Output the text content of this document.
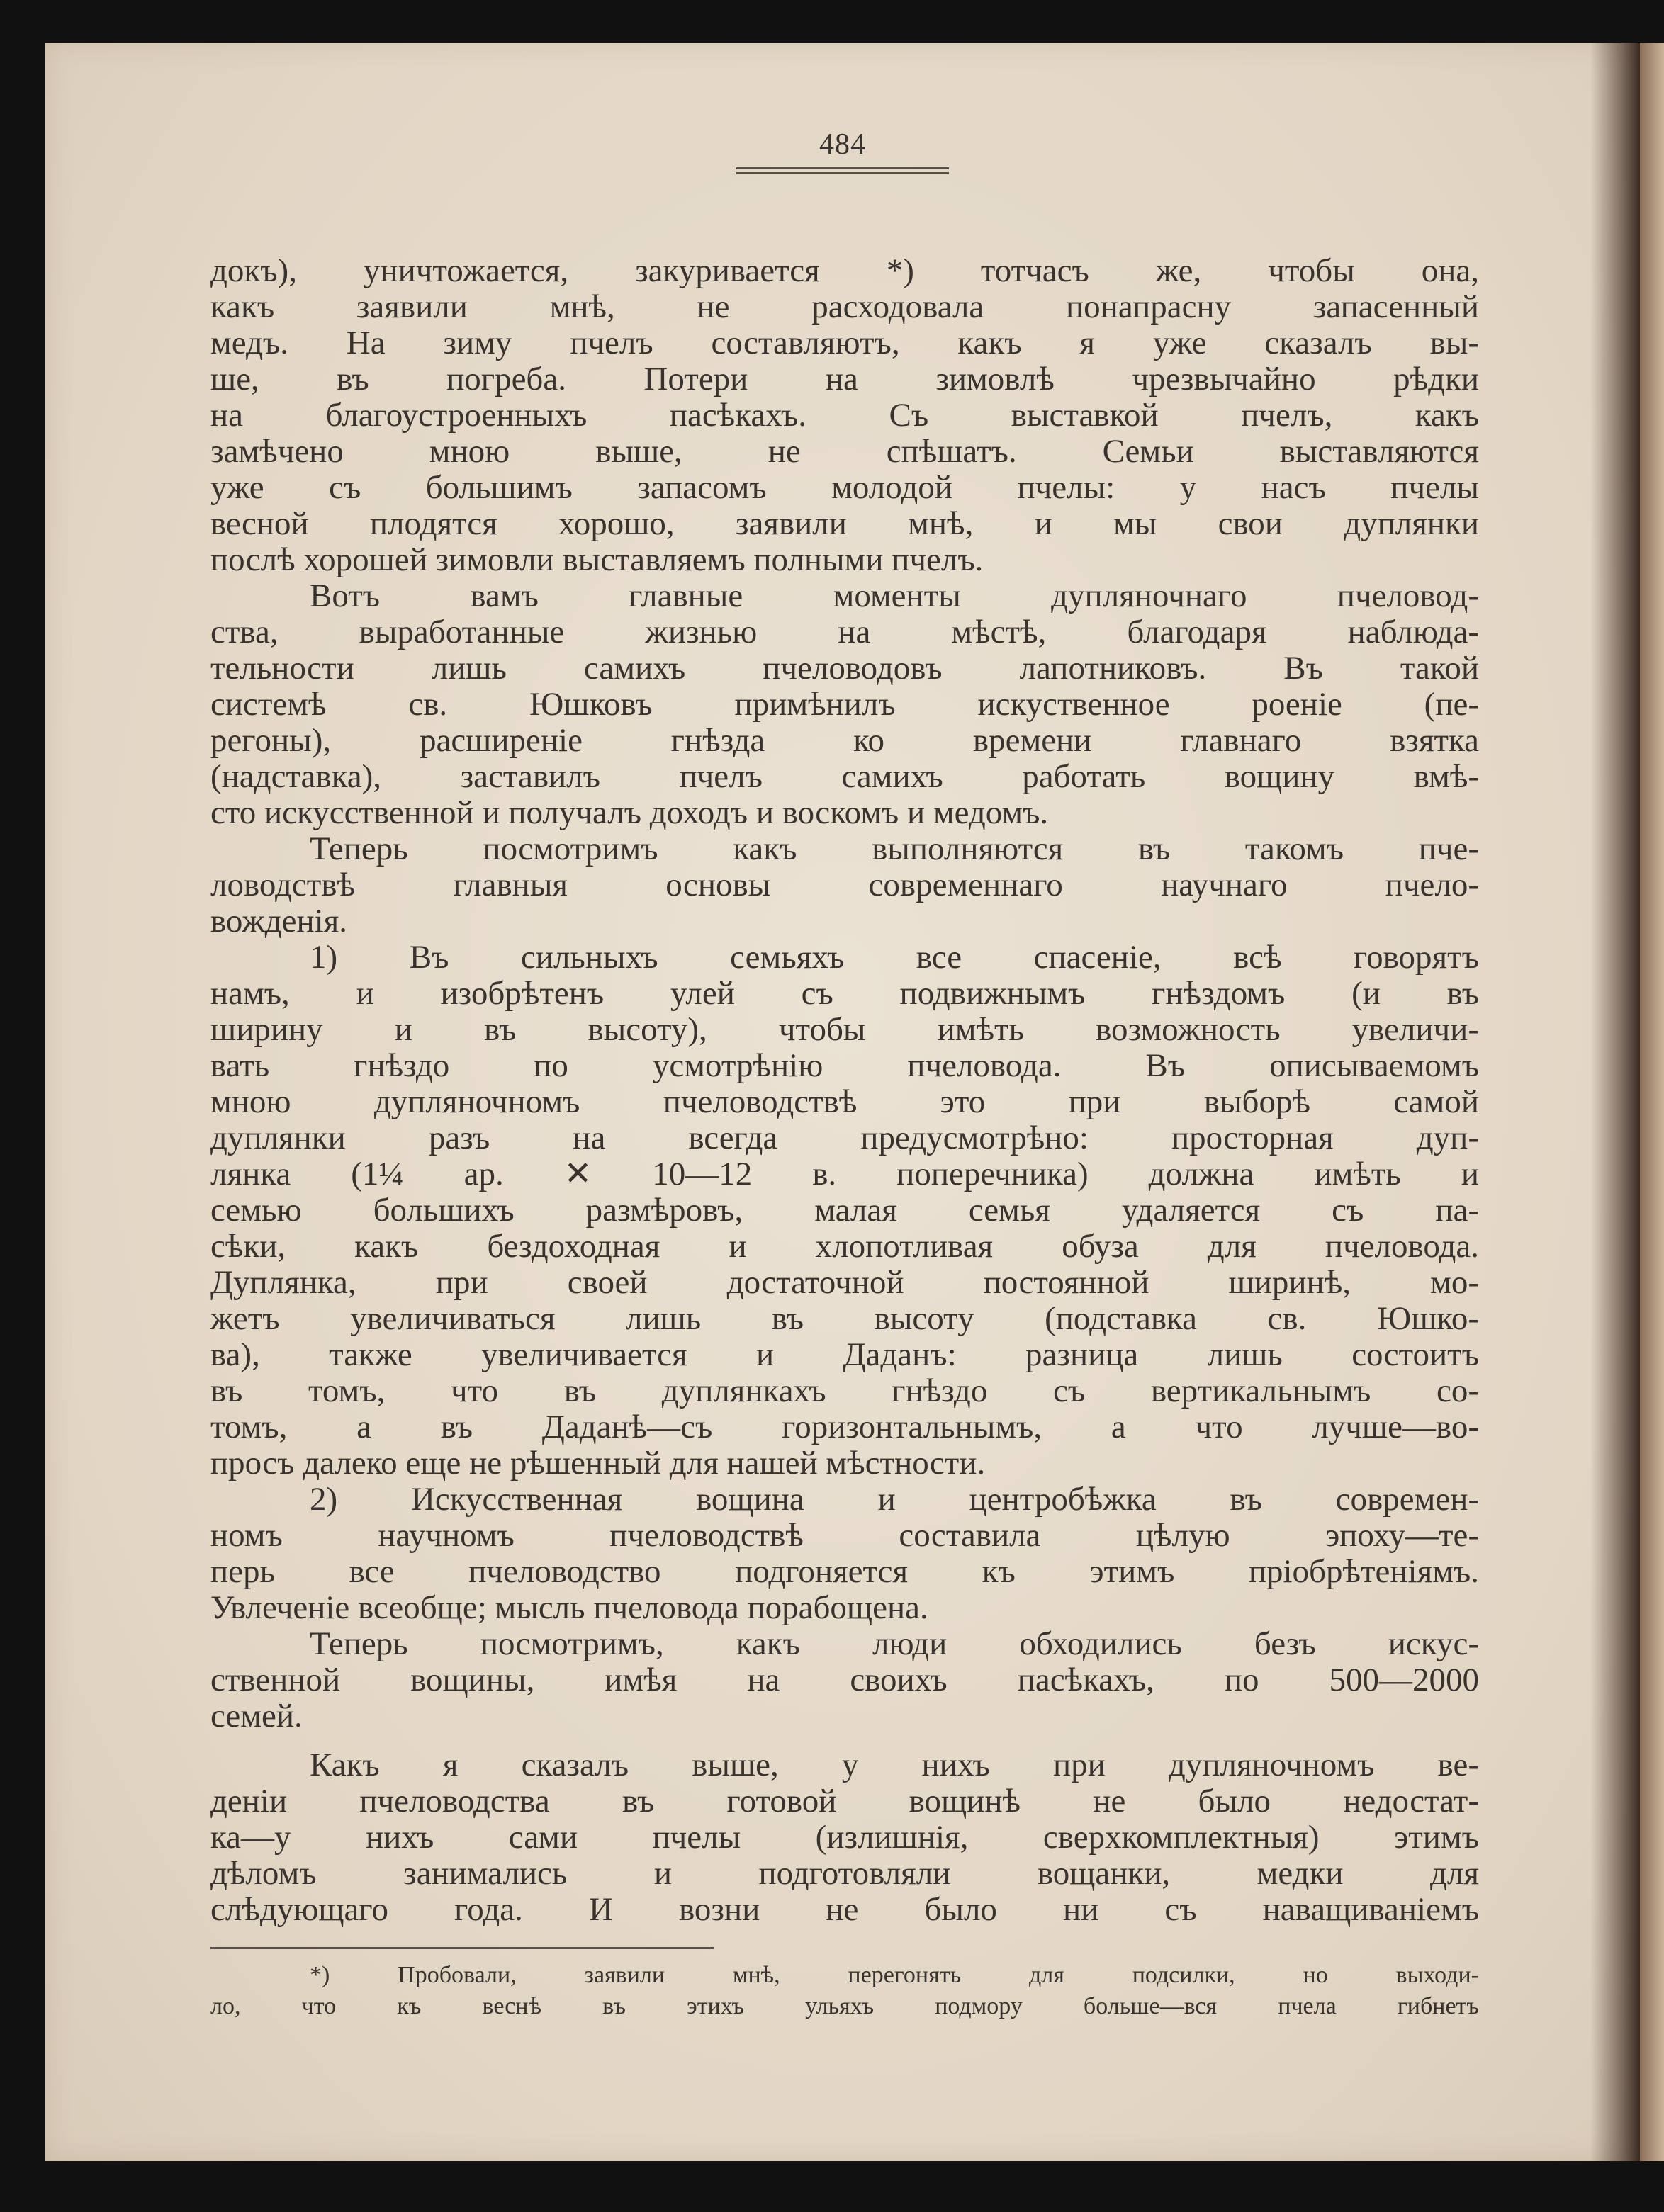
484
докъ), уничтожается, закуривается *) тотчасъ же, чтобы она,
какъ заявили мнѣ, не расходовала понапрасну запасенный
медъ. На зиму пчелъ составляютъ, какъ я уже сказалъ вы-
ше, въ погреба. Потери на зимовлѣ чрезвычайно рѣдки
на благоустроенныхъ пасѣкахъ. Съ выставкой пчелъ, какъ
замѣчено мною выше, не спѣшатъ. Семьи выставляются
уже съ большимъ запасомъ молодой пчелы: у насъ пчелы
весной плодятся хорошо, заявили мнѣ, и мы свои дуплянки
послѣ хорошей зимовли выставляемъ полными пчелъ.
Вотъ вамъ главные моменты дупляночнаго пчеловод-
ства, выработанные жизнью на мѣстѣ, благодаря наблюда-
тельности лишь самихъ пчеловодовъ лапотниковъ. Въ такой
системѣ св. Юшковъ примѣнилъ искуственное роеніе (пе-
регоны), расширеніе гнѣзда ко времени главнаго взятка
(надставка), заставилъ пчелъ самихъ работать вощину вмѣ-
сто искусственной и получалъ доходъ и воскомъ и медомъ.
Теперь посмотримъ какъ выполняются въ такомъ пче-
ловодствѣ главныя основы современнаго научнаго пчело-
вожденія.
1) Въ сильныхъ семьяхъ все спасеніе, всѣ говорятъ
намъ, и изобрѣтенъ улей съ подвижнымъ гнѣздомъ (и въ
ширину и въ высоту), чтобы имѣть возможность увеличи-
вать гнѣздо по усмотрѣнію пчеловода. Въ описываемомъ
мною дупляночномъ пчеловодствѣ это при выборѣ самой
дуплянки разъ на всегда предусмотрѣно: просторная дуп-
лянка (1¼ ар. ✕ 10—12 в. поперечника) должна имѣть и
семью большихъ размѣровъ, малая семья удаляется съ па-
сѣки, какъ бездоходная и хлопотливая обуза для пчеловода.
Дуплянка, при своей достаточной постоянной ширинѣ, мо-
жетъ увеличиваться лишь въ высоту (подставка св. Юшко-
ва), также увеличивается и Даданъ: разница лишь состоитъ
въ томъ, что въ дуплянкахъ гнѣздо съ вертикальнымъ со-
томъ, а въ Даданѣ—съ горизонтальнымъ, а что лучше—во-
просъ далеко еще не рѣшенный для нашей мѣстности.
2) Искусственная вощина и центробѣжка въ современ-
номъ научномъ пчеловодствѣ составила цѣлую эпоху—те-
перь все пчеловодство подгоняется къ этимъ пріобрѣтеніямъ.
Увлеченіе всеобще; мысль пчеловода порабощена.
Теперь посмотримъ, какъ люди обходились безъ искус-
ственной вощины, имѣя на своихъ пасѣкахъ, по 500—2000
семей.
Какъ я сказалъ выше, у нихъ при дупляночномъ ве-
деніи пчеловодства въ готовой вощинѣ не было недостат-
ка—у нихъ сами пчелы (излишнія, сверхкомплектныя) этимъ
дѣломъ занимались и подготовляли вощанки, медки для
слѣдующаго года. И возни не было ни съ наващиваніемъ
*) Пробовали, заявили мнѣ, перегонять для подсилки, но выходи-
ло, что къ веснѣ въ этихъ ульяхъ подмору больше—вся пчела гибнетъ
